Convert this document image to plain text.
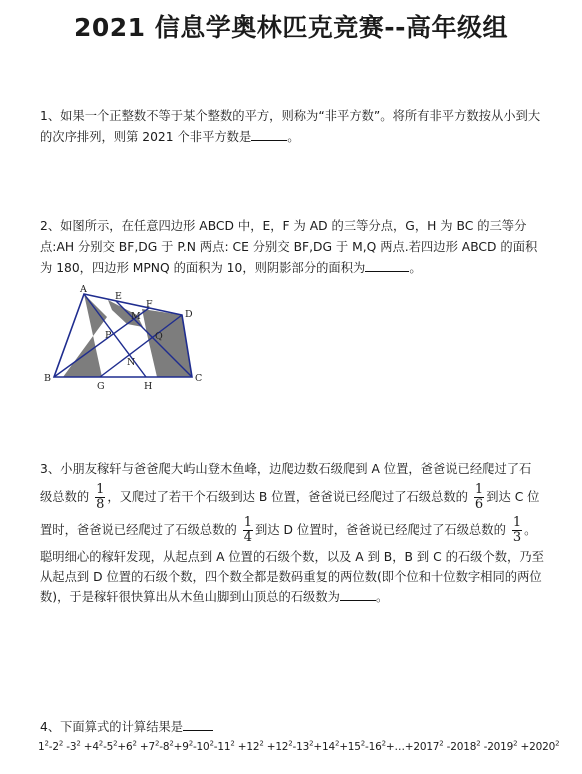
2021 信息学奥林匹克竞赛--高年级组
1、如果一个正整数不等于某个整数的平方，则称为“非平方数”。将所有非平方数按从小到大的次序排列，则第 2021 个非平方数是	。
2、如图所示，在任意四边形 ABCD 中，E，F 为 AD 的三等分点，G，H 为 BC 的三等分点:AH 分别交 BF,DG 于 P.N 两点: CE 分别交 BF,DG 于 M,Q 两点.若四边形 ABCD 的面积为 180，四边形 MPNQ 的面积为 10，则阴影部分的面积为	。
A
E
F
D
M
P	Q
N
B
G	H
C
3、小朋友稼轩与爸爸爬大屿山登木鱼峰，边爬边数石级爬到 A 位置，爸爸说已经爬过了石
级总数的 $\frac{1}{8}$ ，又爬过了若干个石级到达 B 位置，爸爸说已经爬过了石级总数的 $\frac{1}{6}$ 到达 C 位
置时，爸爸说已经爬过了石级总数的 $\frac{1}{4}$ 到达 D 位置时，爸爸说已经爬过了石级总数的 $\frac{1}{3}$ 。
聪明细心的稼轩发现，从起点到 A 位置的石级个数，以及 A 到 B，B 到 C 的石级个数，乃至从起点到 D 位置的石级个数，四个数全都是数码重复的两位数(即个位和十位数字相同的两位数)，于是稼轩很快算出从木鱼山脚到山顶总的石级数为	。
4、下面算式的计算结果是
$1^2-2^2$ $-3^2 +4^2-5^2+6^2 +7^2-8^2+9^2-10^2-11^2 +12^2$ $+12^2-13^2+14^2+15^2-16^2+\dots+2017^2$ -2018$^2$ $-2019^2 +2020^2$
